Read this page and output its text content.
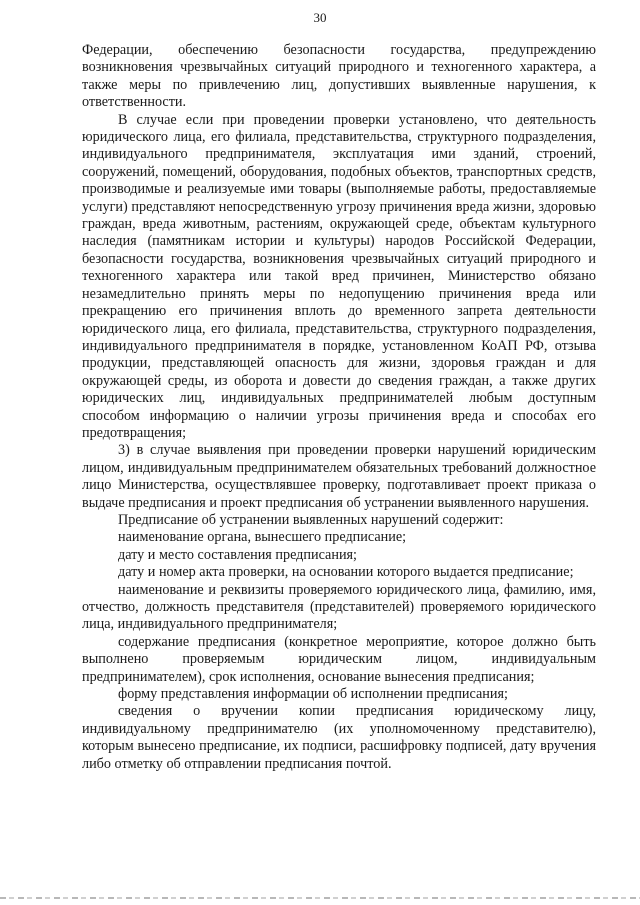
30

Федерации, обеспечению безопасности государства, предупреждению возникновения чрезвычайных ситуаций природного и техногенного характера, а также меры по привлечению лиц, допустивших выявленные нарушения, к ответственности.

В случае если при проведении проверки установлено, что деятельность юридического лица, его филиала, представительства, структурного подразделения, индивидуального предпринимателя, эксплуатация ими зданий, строений, сооружений, помещений, оборудования, подобных объектов, транспортных средств, производимые и реализуемые ими товары (выполняемые работы, предоставляемые услуги) представляют непосредственную угрозу причинения вреда жизни, здоровью граждан, вреда животным, растениям, окружающей среде, объектам культурного наследия (памятникам истории и культуры) народов Российской Федерации, безопасности государства, возникновения чрезвычайных ситуаций природного и техногенного характера или такой вред причинен, Министерство обязано незамедлительно принять меры по недопущению причинения вреда или прекращению его причинения вплоть до временного запрета деятельности юридического лица, его филиала, представительства, структурного подразделения, индивидуального предпринимателя в порядке, установленном КоАП РФ, отзыва продукции, представляющей опасность для жизни, здоровья граждан и для окружающей среды, из оборота и довести до сведения граждан, а также других юридических лиц, индивидуальных предпринимателей любым доступным способом информацию о наличии угрозы причинения вреда и способах его предотвращения;

3) в случае выявления при проведении проверки нарушений юридическим лицом, индивидуальным предпринимателем обязательных требований должностное лицо Министерства, осуществлявшее проверку, подготавливает проект приказа о выдаче предписания и проект предписания об устранении выявленного нарушения.

Предписание об устранении выявленных нарушений содержит:

наименование органа, вынесшего предписание;

дату и место составления предписания;

дату и номер акта проверки, на основании которого выдается предписание;

наименование и реквизиты проверяемого юридического лица, фамилию, имя, отчество, должность представителя (представителей) проверяемого юридического лица, индивидуального предпринимателя;

содержание предписания (конкретное мероприятие, которое должно быть выполнено проверяемым юридическим лицом, индивидуальным предпринимателем), срок исполнения, основание вынесения предписания;

форму представления информации об исполнении предписания;

сведения о вручении копии предписания юридическому лицу, индивидуальному предпринимателю (их уполномоченному представителю), которым вынесено предписание, их подписи, расшифровку подписей, дату вручения либо отметку об отправлении предписания почтой.
